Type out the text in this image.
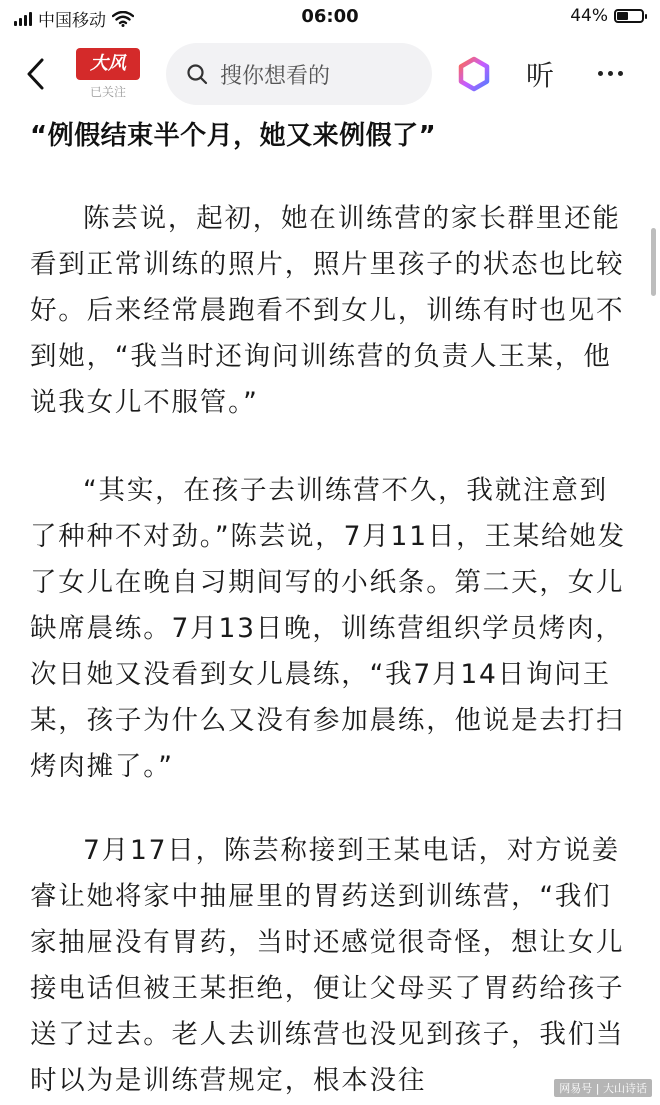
中国移动	06:00	44%
大风
已关注
搜你想看的	听
“例假结束半个月，她又来例假了”

陈芸说，起初，她在训练营的家长群里还能看到正常训练的照片，照片里孩子的状态也比较好。后来经常晨跑看不到女儿，训练有时也见不到她，“我当时还询问训练营的负责人王某，他说我女儿不服管。”

“其实，在孩子去训练营不久，我就注意到了种种不对劲。”陈芸说，7月11日，王某给她发了女儿在晚自习期间写的小纸条。第二天，女儿缺席晨练。7月13日晚，训练营组织学员烤肉，次日她又没看到女儿晨练，“我7月14日询问王某，孩子为什么又没有参加晨练，他说是去打扫烤肉摊了。”

7月17日，陈芸称接到王某电话，对方说姜睿让她将家中抽屉里的胃药送到训练营，“我们家抽屉没有胃药，当时还感觉很奇怪，想让女儿接电话但被王某拒绝，便让父母买了胃药给孩子送了过去。老人去训练营也没见到孩子，我们当时以为是训练营规定，根本没往	网易号 | 大山诗话
